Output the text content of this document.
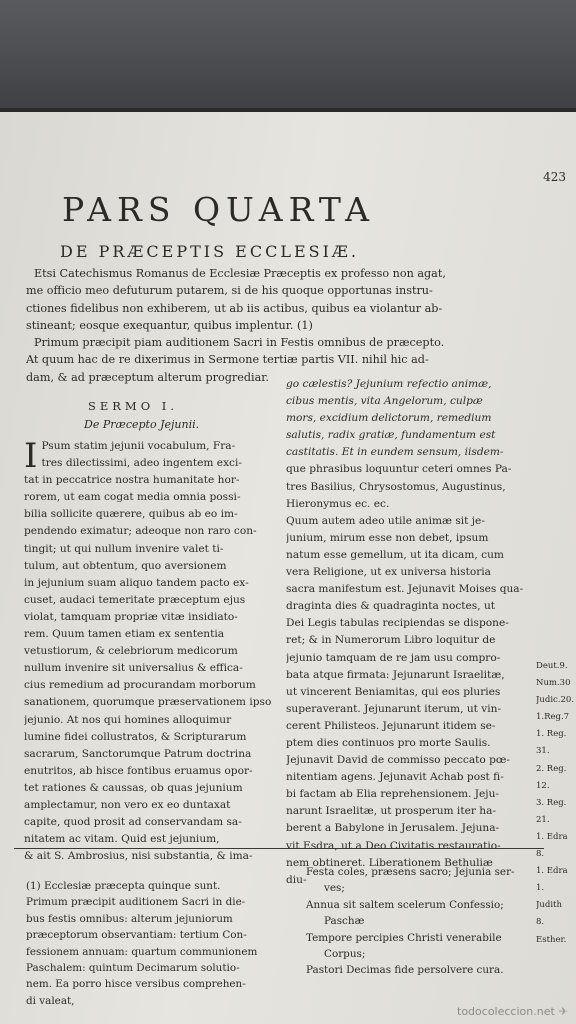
423
PARS QUARTA
DE PRÆCEPTIS ECCLESIÆ.
Etsi Catechismus Romanus de Ecclesiæ Præceptis ex professo non agat,
me officio meo defuturum putarem, si de his quoque opportunas instru-
ctiones fidelibus non exhiberem, ut ab iis actibus, quibus ea violantur ab-
stineant; eosque exequantur, quibus implentur. (1)
Primum præcipit piam auditionem Sacri in Festis omnibus de præcepto.
At quum hac de re dixerimus in Sermone tertiæ partis VII. nihil hic ad-
dam, & ad præceptum alterum progrediar.
SERMO I.
De Præcepto Jejunii.
I Psum statim jejunii vocabulum, Fra-
tres dilectissimi, adeo ingentem exci-
tat in peccatrice nostra humanitate hor-
rorem, ut eam cogat media omnia possi-
bilia sollicite quærere, quibus ab eo im-
pendendo eximatur; adeoque non raro con-
tingit; ut qui nullum invenire valet ti-
tulum, aut obtentum, quo aversionem
in jejunium suam aliquo tandem pacto ex-
cuset, audaci temeritate præceptum ejus
violat, tamquam propriæ vitæ insidiato-
rem. Quum tamen etiam ex sententia
vetustiorum, & celebriorum medicorum
nullum invenire sit universalius & effica-
cius remedium ad procurandam morborum
sanationem, quorumque præservationem ipso
jejunio. At nos qui homines alloquimur
lumine fidei collustratos, & Scripturarum
sacrarum, Sanctorumque Patrum doctrina
enutritos, ab hisce fontibus eruamus opor-
tet rationes & caussas, ob quas jejunium
amplectamur, non vero ex eo duntaxat
capite, quod prosit ad conservandam sa-
nitatem ac vitam. Quid est jejunium,
& ait S. Ambrosius, nisi substantia, & ima-
go cælestis? Jejunium refectio animæ,
cibus mentis, vita Angelorum, culpæ
mors, excidium delictorum, remedium
salutis, radix gratiæ, fundamentum est
castitatis. Et in eundem sensum, iisdem-
que phrasibus loquuntur ceteri omnes Pa-
tres Basilius, Chrysostomus, Augustinus,
Hieronymus ec. ec.
Quum autem adeo utile animæ sit je-
junium, mirum esse non debet, ipsum
natum esse gemellum, ut ita dicam, cum
vera Religione, ut ex universa historia
sacra manifestum est. Jejunavit Moises qua-
draginta dies & quadraginta noctes, ut
Dei Legis tabulas recipiendas se dispone-
ret; & in Numerorum Libro loquitur de
jejunio tamquam de re jam usu compro-
bata atque firmata: Jejunarunt Israelitæ,
ut vincerent Beniamitas, qui eos pluries
superaverant. Jejunarunt iterum, ut vin-
cerent Philisteos. Jejunarunt itidem se-
ptem dies continuos pro morte Saulis.
Jejunavit David de commisso peccato pœ-
nitentiam agens. Jejunavit Achab post fi-
bi factam ab Elia reprehensionem. Jeju-
narunt Israelitæ, ut prosperum iter ha-
berent a Babylone in Jerusalem. Jejuna-
vit Esdra, ut a Deo Civitatis restauratio-
nem obtineret. Liberationem Bethuliæ
diu-
Deut.9.
Num.30
Judic.20.
1.Reg.7
1. Reg.
31.
2. Reg.
12.
3. Reg.
21.
1. Edra
8.
1. Edra
1.
Judith
8.
Esther.
(1) Ecclesiæ præcepta quinque sunt.
Primum præcipit auditionem Sacri in die-
bus festis omnibus: alterum jejuniorum
præceptorum observantiam: tertium Con-
fessionem annuam: quartum communionem
Paschalem: quintum Decimarum solutio-
nem. Ea porro hisce versibus comprehen-
di valeat,
Festa coles, præsens sacro; Jejunia ser-
ves;
Annua sit saltem scelerum Confessio;
Paschæ
Tempore percipies Christi venerabile
Corpus;
Pastori Decimas fide persolvere cura.
todocoleccion.net ✈
